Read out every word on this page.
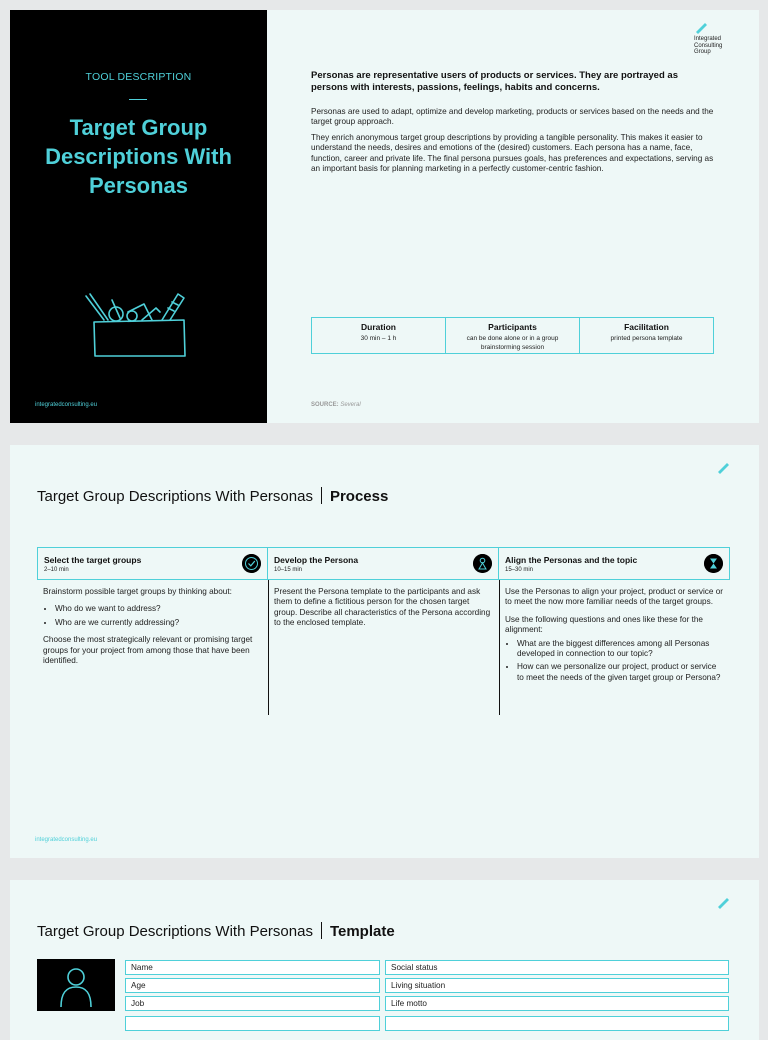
TOOL DESCRIPTION
Target Group Descriptions With Personas
integratedconsulting.eu
Integrated Consulting Group
Personas are representative users of products or services. They are portrayed as persons with interests, passions, feelings, habits and concerns.
Personas are used to adapt, optimize and develop marketing, products or services based on the needs and the target group approach.
They enrich anonymous target group descriptions by providing a tangible personality. This makes it easier to understand the needs, desires and emotions of the (desired) customers. Each persona has a name, face, function, career and private life. The final persona pursues goals, has preferences and expectations, serving as an important basis for planning marketing in a perfectly customer-centric fashion.
Duration
30 min – 1 h
Participants
can be done alone or in a group brainstorming session
Facilitation
printed persona template
SOURCE: Several
Target Group Descriptions With Personas Process
Select the target groups
2–10 min

Brainstorm possible target groups by thinking about:

• Who do we want to address?
• Who are we currently addressing?

Choose the most strategically relevant or promising target groups for your project from among those that have been identified.

Develop the Persona
10–15 min

Present the Persona template to the participants and ask them to define a fictitious person for the chosen target group. Describe all characteristics of the Persona according to the enclosed template.

Align the Personas and the topic
15–30 min

Use the Personas to align your project, product or service or to meet the now more familiar needs of the target groups.

Use the following questions and ones like these for the alignment:

• What are the biggest differences among all Personas developed in connection to our topic?
• How can we personalize our project, product or service to meet the needs of the given target group or Persona?
integratedconsulting.eu
Target Group Descriptions With Personas Template
Name
Age
Job
Social status
Living situation
Life motto
